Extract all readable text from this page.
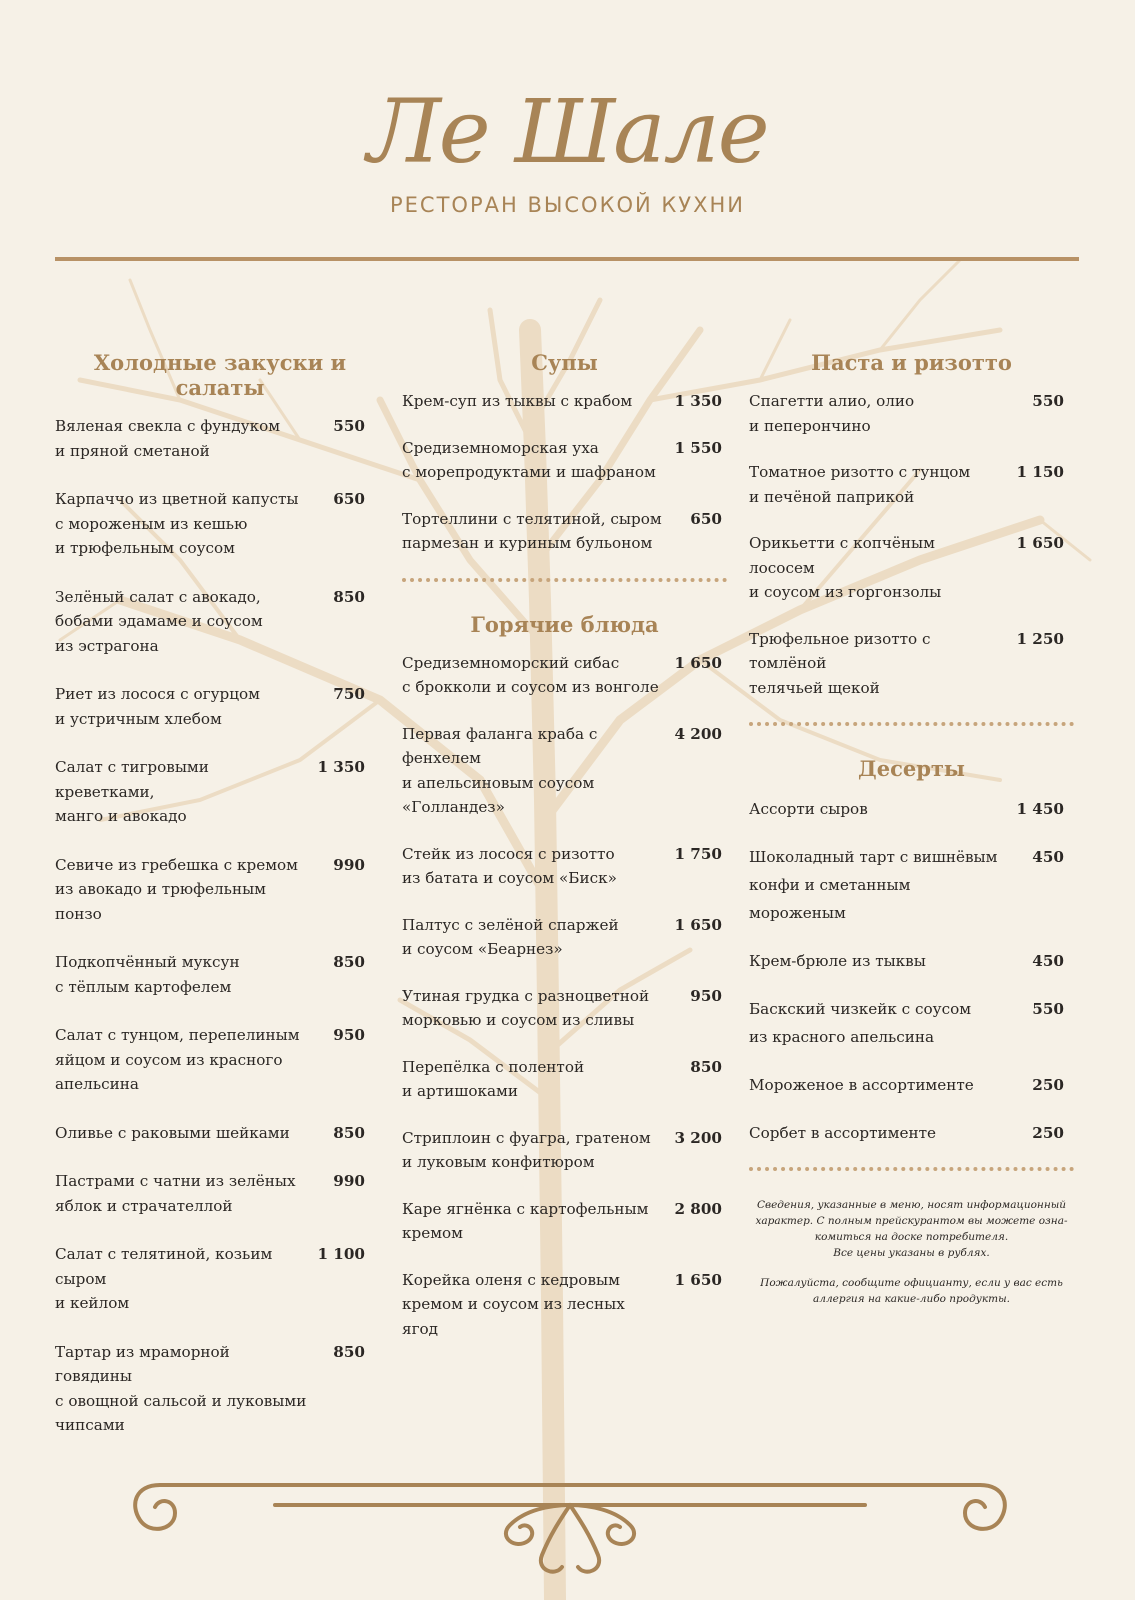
Ле Шале
РЕСТОРАН ВЫСОКОЙ КУХНИ
Холодные закуски и салаты
Вяленая свекла с фундуком
и пряной сметаной
550
Карпаччо из цветной капусты
с мороженым из кешью
и трюфельным соусом
650
Зелёный салат с авокадо,
бобами эдамаме и соусом
из эстрагона
850
Риет из лосося с огурцом
и устричным хлебом
750
Салат с тигровыми креветками,
манго и авокадо
1 350
Севиче из гребешка с кремом
из авокадо и трюфельным понзо
990
Подкопчённый муксун
с тёплым картофелем
850
Салат с тунцом, перепелиным
яйцом и соусом из красного
апельсина
950
Оливье с раковыми шейками	850
Пастрами с чатни из зелёных
яблок и страчателлой
990
Салат с телятиной, козьим сыром
и кейлом
1 100
Тартар из мраморной говядины
с овощной сальсой и луковыми
чипсами
850
Супы
Крем-суп из тыквы с крабом	1 350
Средиземноморская уха
с морепродуктами и шафраном
1 550
Тортеллини с телятиной, сыром
пармезан и куриным бульоном
650
Горячие блюда
Средиземноморский сибас
с брокколи и соусом из вонголе
1 650
Первая фаланга краба с фенхелем
и апельсиновым соусом «Голландез»
4 200
Стейк из лосося с ризотто
из батата и соусом «Биск»
1 750
Палтус с зелёной спаржей
и соусом «Беарнез»
1 650
Утиная грудка с разноцветной
морковью и соусом из сливы
950
Перепёлка с полентой
и артишоками
850
Стриплоин с фуагра, гратеном
и луковым конфитюром
3 200
Каре ягнёнка с картофельным
кремом
2 800
Корейка оленя с кедровым
кремом и соусом из лесных ягод
1 650
Паста и ризотто
Спагетти алио, олио
и пеперончино
550
Томатное ризотто с тунцом
и печёной паприкой
1 150
Орикьетти с копчёным лососем
и соусом из горгонзолы
1 650
Трюфельное ризотто с томлёной
телячьей щекой
1 250
Десерты
Ассорти сыров	1 450
Шоколадный тарт с вишнёвым
конфи и сметанным мороженым
450
Крем-брюле из тыквы	450
Баскский чизкейк с соусом
из красного апельсина
550
Мороженое в ассортименте	250
Сорбет в ассортименте	250

Сведения, указанные в меню, носят информационный
характер. С полным прейскурантом вы можете озна-
комиться на доске потребителя.
Все цены указаны в рублях.

Пожалуйста, сообщите официанту, если у вас есть
аллергия на какие-либо продукты.
